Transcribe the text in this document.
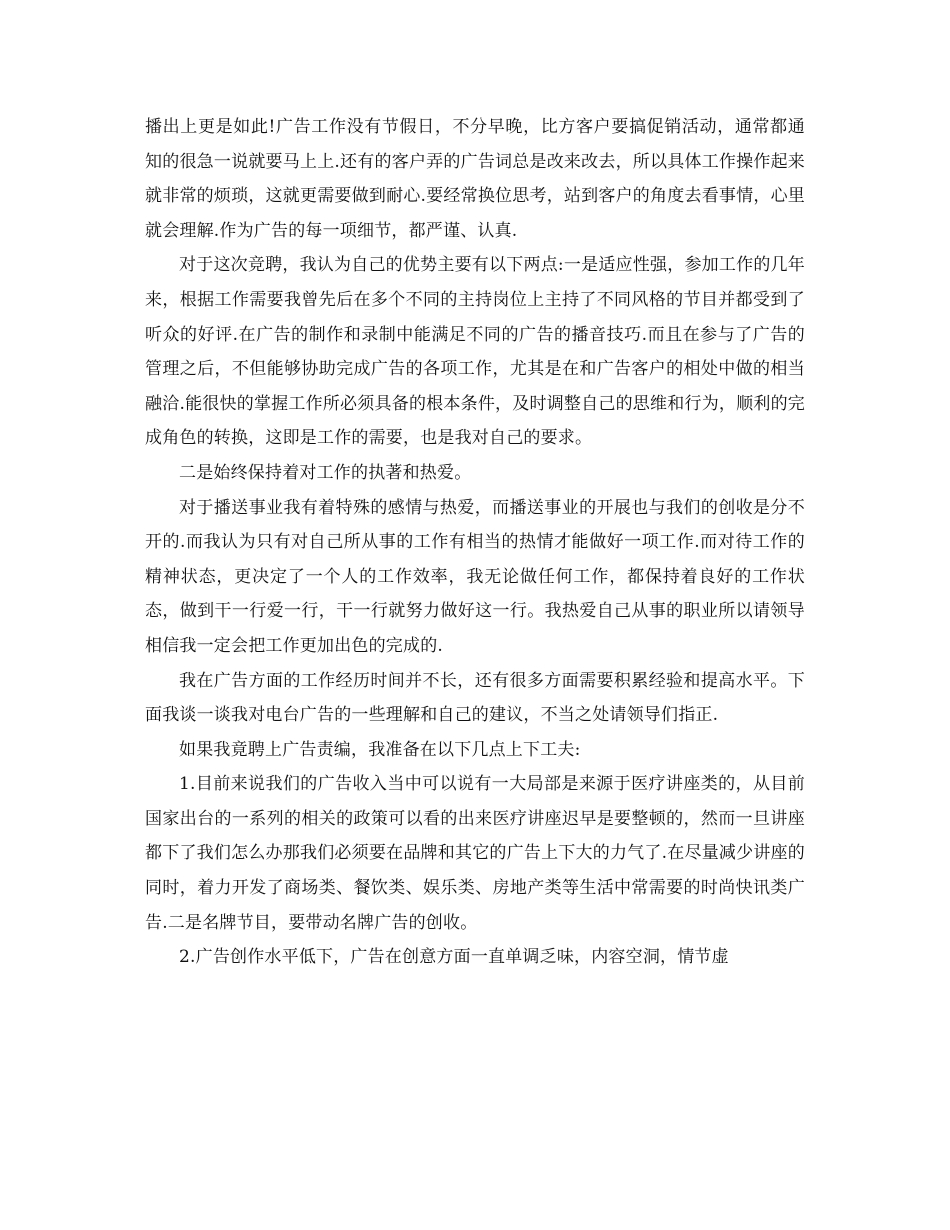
播出上更是如此!广告工作没有节假日，不分早晚，比方客户要搞促销活动，通常都通知的很急一说就要马上上.还有的客户弄的广告词总是改来改去，所以具体工作操作起来就非常的烦琐，这就更需要做到耐心.要经常换位思考，站到客户的角度去看事情，心里就会理解.作为广告的每一项细节，都严谨、认真.

对于这次竞聘，我认为自己的优势主要有以下两点:一是适应性强，参加工作的几年来，根据工作需要我曾先后在多个不同的主持岗位上主持了不同风格的节目并都受到了听众的好评.在广告的制作和录制中能满足不同的广告的播音技巧.而且在参与了广告的管理之后，不但能够协助完成广告的各项工作，尤其是在和广告客户的相处中做的相当融洽.能很快的掌握工作所必须具备的根本条件，及时调整自己的思维和行为，顺利的完成角色的转换，这即是工作的需要，也是我对自己的要求。

二是始终保持着对工作的执著和热爱。

对于播送事业我有着特殊的感情与热爱，而播送事业的开展也与我们的创收是分不开的.而我认为只有对自己所从事的工作有相当的热情才能做好一项工作.而对待工作的精神状态，更决定了一个人的工作效率，我无论做任何工作，都保持着良好的工作状态，做到干一行爱一行，干一行就努力做好这一行。我热爱自己从事的职业所以请领导相信我一定会把工作更加出色的完成的.

我在广告方面的工作经历时间并不长，还有很多方面需要积累经验和提高水平。下面我谈一谈我对电台广告的一些理解和自己的建议，不当之处请领导们指正.

如果我竟聘上广告责编，我准备在以下几点上下工夫:

1.目前来说我们的广告收入当中可以说有一大局部是来源于医疗讲座类的，从目前国家出台的一系列的相关的政策可以看的出来医疗讲座迟早是要整顿的，然而一旦讲座都下了我们怎么办那我们必须要在品牌和其它的广告上下大的力气了.在尽量减少讲座的同时，着力开发了商场类、餐饮类、娱乐类、房地产类等生活中常需要的时尚快讯类广告.二是名牌节目，要带动名牌广告的创收。

2.广告创作水平低下，广告在创意方面一直单调乏味，内容空洞，情节虚
